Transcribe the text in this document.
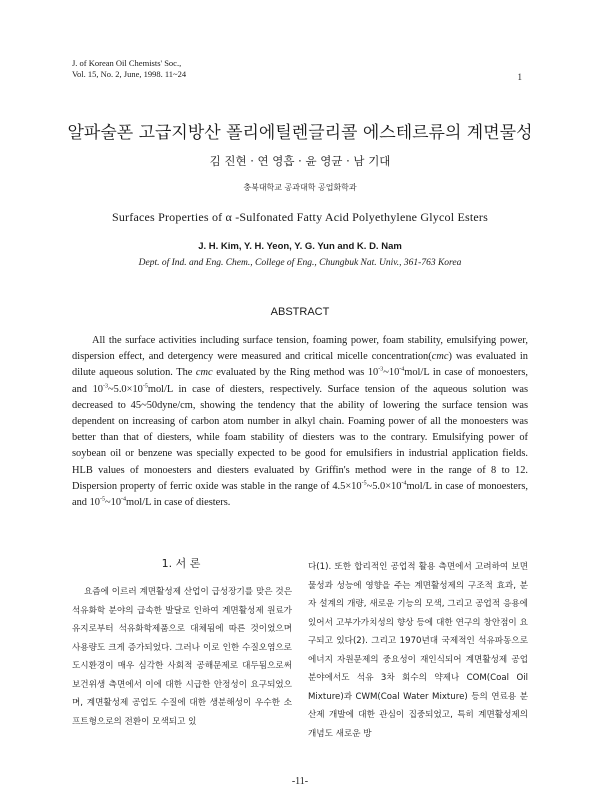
J. of Korean Oil Chemists' Soc.,
Vol. 15, No. 2, June, 1998. 11~24	1
알파술폰 고급지방산 폴리에틸렌글리콜 에스테르류의 계면물성
김 진현 · 연 영흡 · 윤 영균 · 남 기대
충북대학교 공과대학 공업화학과
Surfaces Properties of α -Sulfonated Fatty Acid Polyethylene Glycol Esters
J. H. Kim, Y. H. Yeon, Y. G. Yun and K. D. Nam
Dept. of Ind. and Eng. Chem., College of Eng., Chungbuk Nat. Univ., 361-763 Korea
ABSTRACT

All the surface activities including surface tension, foaming power, foam stability, emulsifying power, dispersion effect, and detergency were measured and critical micelle concentration(cmc) was evaluated in dilute aqueous solution. The cmc evaluated by the Ring method was $10^{-3}\sim 10^{-4}mol/L$ in case of monoesters, and $10^{-3}\sim 5.0\times 10^{-5}mol/L$ in case of diesters, respectively. Surface tension of the aqueous solution was decreased to 45~50dyne/cm, showing the tendency that the ability of lowering the surface tension was dependent on increasing of carbon atom number in alkyl chain. Foaming power of all the monoesters was better than that of diesters, while foam stability of diesters was to the contrary. Emulsifying power of soybean oil or benzene was specially expected to be good for emulsifiers in industrial application fields. HLB values of monoesters and diesters evaluated by Griffin's method were in the range of 8 to 12. Dispersion property of ferric oxide was stable in the range of $4.5\times 10^{-5}\sim 5.0\times 10^{-4}mol/L$ in case of monoesters, and $10^{-5}\sim 10^{-4}mol/L$ in case of diesters.

1. 서 론
요즘에 이르러 계면활성제 산업이 급성장기를 맞은 것은 석유화학 분야의 급속한 발달로 인하여 계면활성제 원료가 유지로부터 석유화학제품으로 대체됨에 따른 것이었으며 사용량도 크게 증가되었다. 그러나 이로 인한 수질오염으로 도시환경이 매우 심각한 사회적 공해문제로 대두됨으로써 보건위생 측면에서 이에 대한 시급한 안정성이 요구되었으며, 계면활성제 공업도 수질에 대한 생분해성이 우수한 소프트형으로의 전환이 모색되고 있
다(1). 또한 합리적인 공업적 활용 측면에서 고려하여 보면 물성과 성능에 영향을 주는 계면활성제의 구조적 효과, 분자 설계의 개량, 새로운 기능의 모색, 그리고 공업적 응용에 있어서 고부가가치성의 향상 등에 대한 연구의 창안점이 요구되고 있다(2). 그리고 1970년대 국제적인 석유파동으로 에너지 자원문제의 중요성이 재인식되어 계면활성제 공업분야에서도 석유 3차 회수의 약제나 COM(Coal Oil Mixture)과 CWM(Coal Water Mixture) 등의 연료용 분산제 개발에 대한 관심이 집중되었고, 특히 계면활성제의 개념도 새로운 방
-11-
